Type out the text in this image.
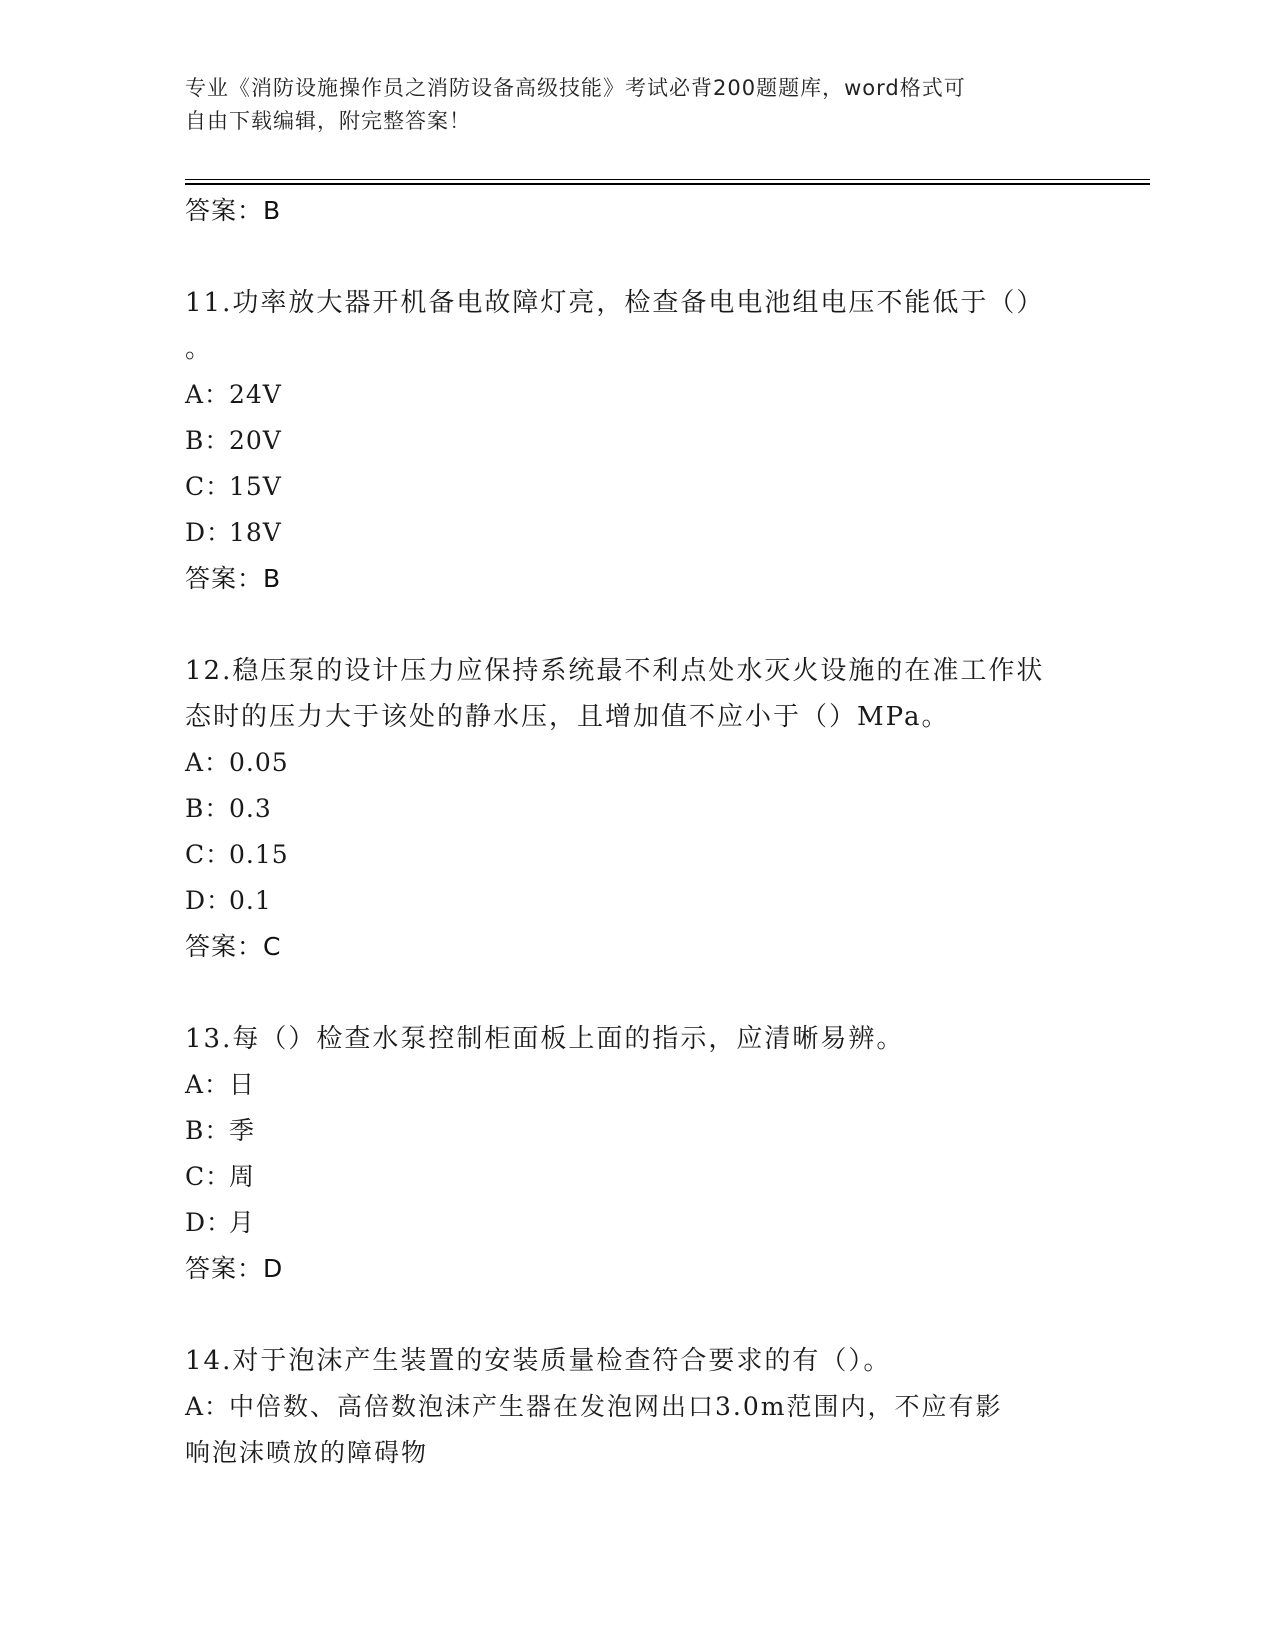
专业《消防设施操作员之消防设备高级技能》考试必背200题题库，word格式可
自由下载编辑，附完整答案！
答案：B
11.功率放大器开机备电故障灯亮，检查备电电池组电压不能低于（）
。
A：24V
B：20V
C：15V
D：18V
答案：B
12.稳压泵的设计压力应保持系统最不利点处水灭火设施的在准工作状
态时的压力大于该处的静水压，且增加值不应小于（）MPa。
A：0.05
B：0.3
C：0.15
D：0.1
答案：C
13.每（）检查水泵控制柜面板上面的指示，应清晰易辨。
A：日
B：季
C：周
D：月
答案：D
14.对于泡沫产生装置的安装质量检查符合要求的有（）。
A：中倍数、高倍数泡沫产生器在发泡网出口3.0m范围内，不应有影
响泡沫喷放的障碍物
